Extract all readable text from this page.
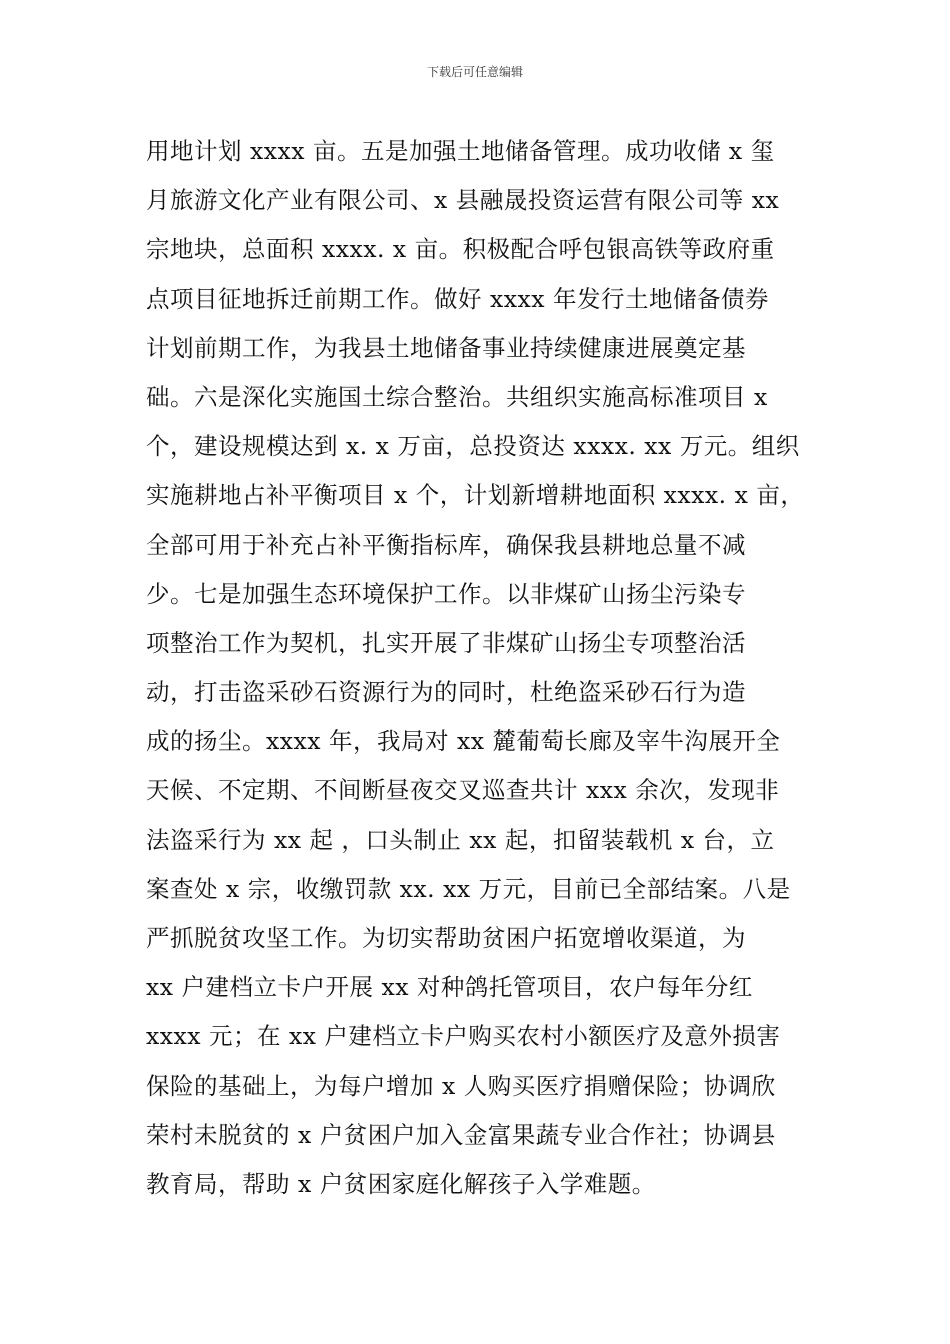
下载后可任意编辑
用地计划 xxxx 亩。五是加强土地储备管理。成功收储 x 玺
月旅游文化产业有限公司、x 县融晟投资运营有限公司等 xx
宗地块，总面积 xxxx. x 亩。积极配合呼包银高铁等政府重
点项目征地拆迁前期工作。做好 xxxx 年发行土地储备债券
计划前期工作，为我县土地储备事业持续健康进展奠定基
础。六是深化实施国土综合整治。共组织实施高标准项目 x
个，建设规模达到 x. x 万亩，总投资达 xxxx. xx 万元。组织
实施耕地占补平衡项目 x 个，计划新增耕地面积 xxxx. x 亩，
全部可用于补充占补平衡指标库，确保我县耕地总量不减
少。七是加强生态环境保护工作。以非煤矿山扬尘污染专
项整治工作为契机，扎实开展了非煤矿山扬尘专项整治活
动，打击盗采砂石资源行为的同时，杜绝盗采砂石行为造
成的扬尘。xxxx 年，我局对 xx 麓葡萄长廊及宰牛沟展开全
天候、不定期、不间断昼夜交叉巡查共计 xxx 余次，发现非
法盗采行为 xx 起 ，口头制止 xx 起，扣留装载机 x 台，立
案查处 x 宗，收缴罚款 xx. xx 万元，目前已全部结案。八是
严抓脱贫攻坚工作。为切实帮助贫困户拓宽增收渠道，为
xx 户建档立卡户开展 xx 对种鸽托管项目，农户每年分红
xxxx 元；在 xx 户建档立卡户购买农村小额医疗及意外损害
保险的基础上，为每户增加 x 人购买医疗捐赠保险；协调欣
荣村未脱贫的 x 户贫困户加入金富果蔬专业合作社；协调县
教育局，帮助 x 户贫困家庭化解孩子入学难题。
